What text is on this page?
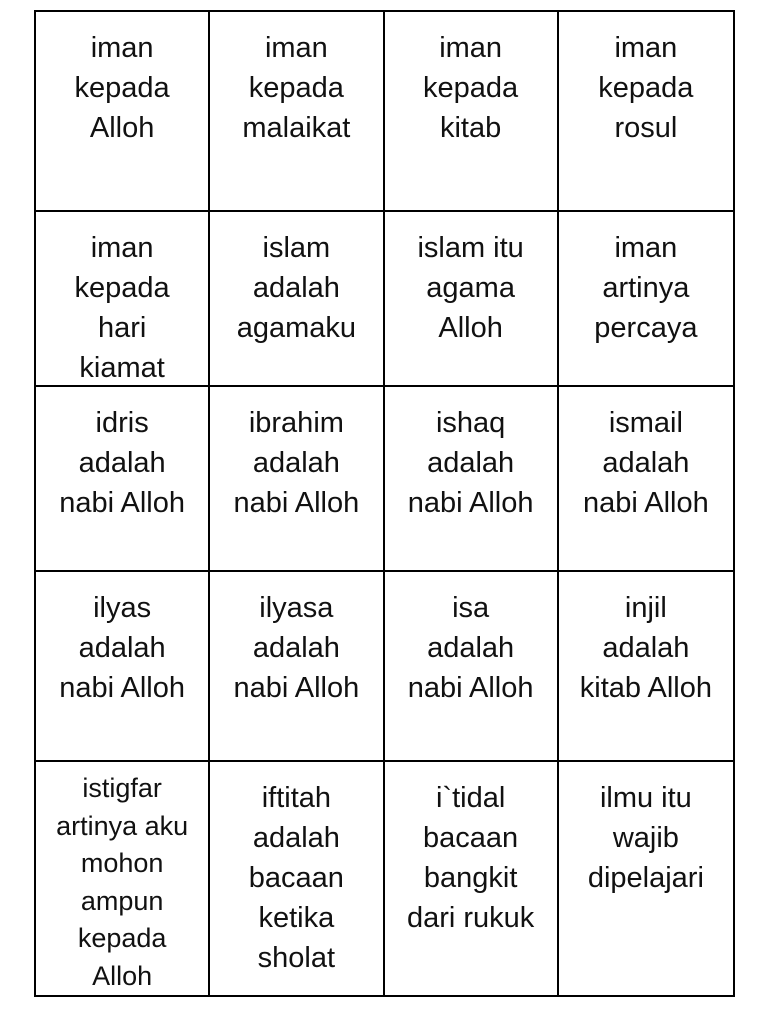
iman
kepada
Alloh
iman
kepada
malaikat
iman
kepada
kitab
iman
kepada
rosul
iman
kepada
hari
kiamat
islam
adalah
agamaku
islam itu
agama
Alloh
iman
artinya
percaya
idris
adalah
nabi Alloh
ibrahim
adalah
nabi Alloh
ishaq
adalah
nabi Alloh
ismail
adalah
nabi Alloh
ilyas
adalah
nabi Alloh
ilyasa
adalah
nabi Alloh
isa
adalah
nabi Alloh
injil
adalah
kitab Alloh
istigfar
artinya aku
mohon
ampun
kepada
Alloh
iftitah
adalah
bacaan
ketika
sholat
i`tidal
bacaan
bangkit
dari rukuk
ilmu itu
wajib
dipelajari
